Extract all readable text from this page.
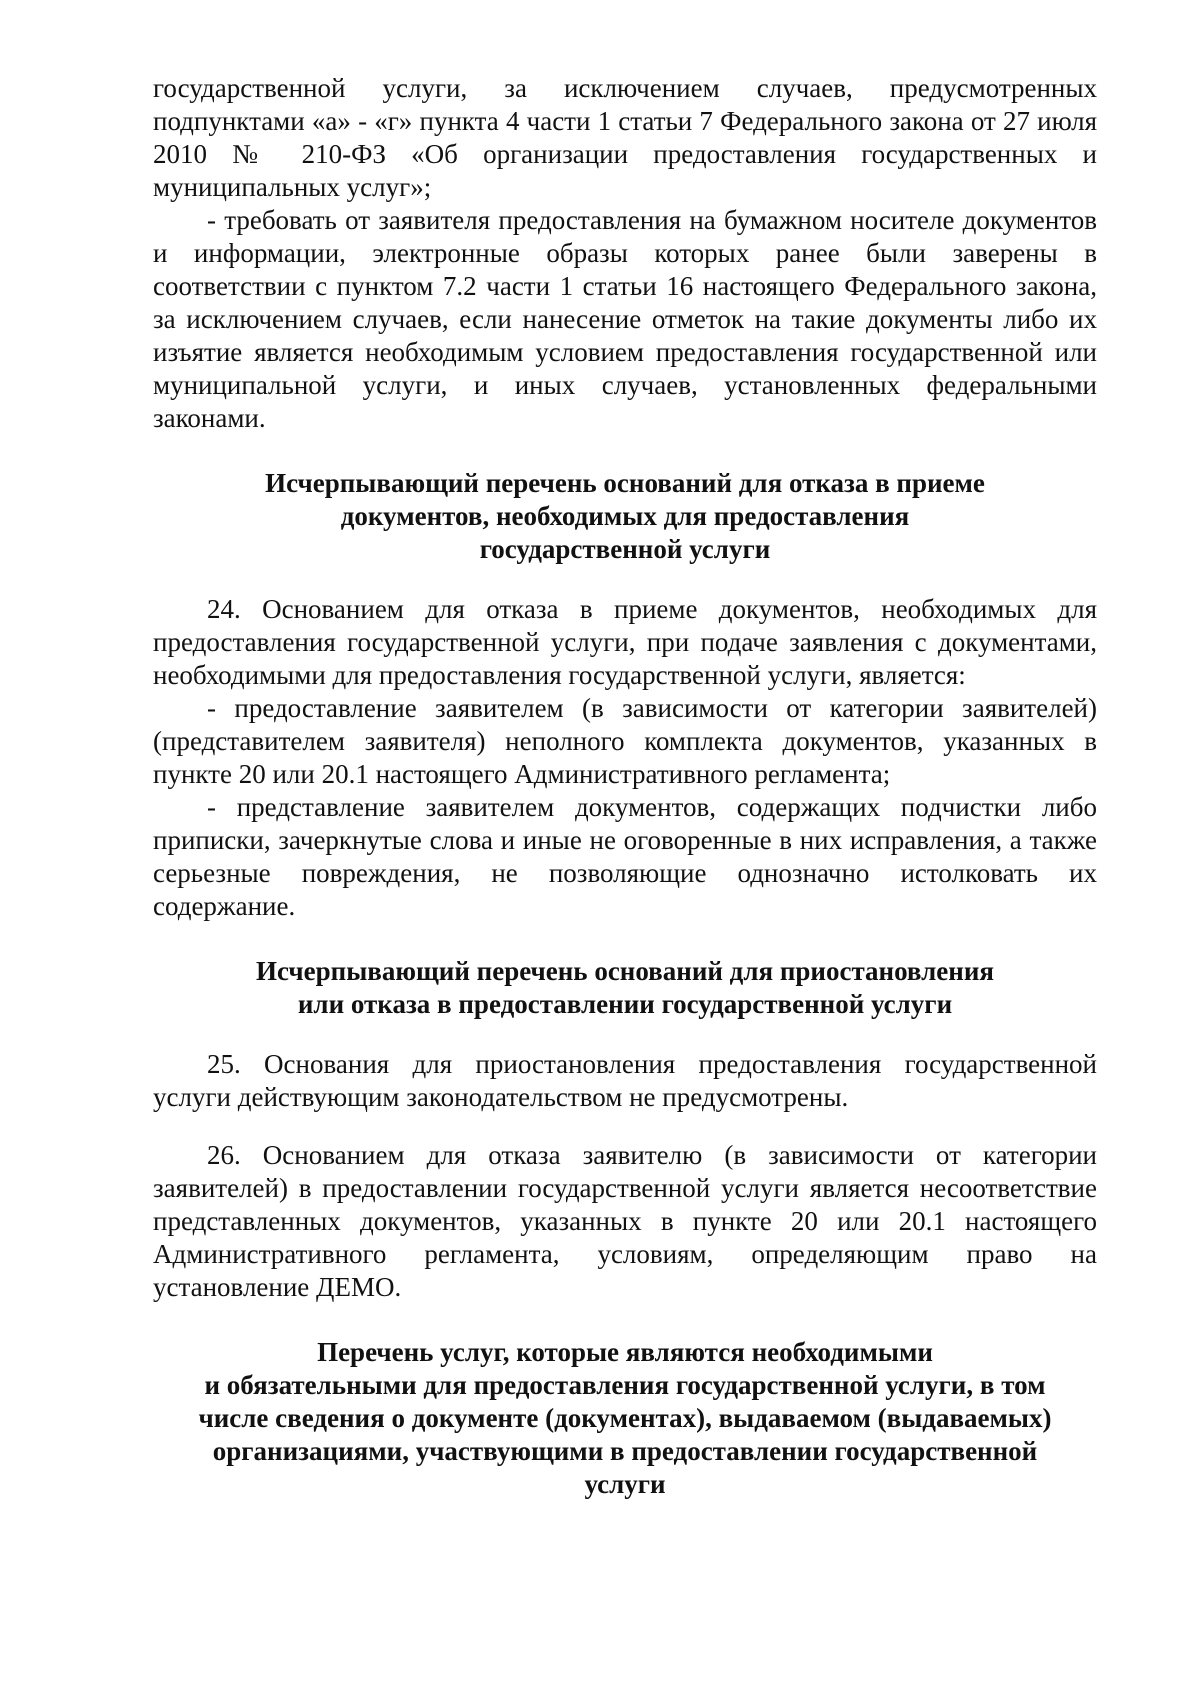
государственной услуги, за исключением случаев, предусмотренных подпунктами «а» - «г» пункта 4 части 1 статьи 7 Федерального закона от 27 июля 2010 № 210-ФЗ «Об организации предоставления государственных и муниципальных услуг»;

- требовать от заявителя предоставления на бумажном носителе документов и информации, электронные образы которых ранее были заверены в соответствии с пунктом 7.2 части 1 статьи 16 настоящего Федерального закона, за исключением случаев, если нанесение отметок на такие документы либо их изъятие является необходимым условием предоставления государственной или муниципальной услуги, и иных случаев, установленных федеральными законами.

Исчерпывающий перечень оснований для отказа в приеме
документов, необходимых для предоставления
государственной услуги

24. Основанием для отказа в приеме документов, необходимых для предоставления государственной услуги, при подаче заявления с документами, необходимыми для предоставления государственной услуги, является:

- предоставление заявителем (в зависимости от категории заявителей) (представителем заявителя) неполного комплекта документов, указанных в пункте 20 или 20.1 настоящего Административного регламента;

- представление заявителем документов, содержащих подчистки либо приписки, зачеркнутые слова и иные не оговоренные в них исправления, а также серьезные повреждения, не позволяющие однозначно истолковать их содержание.

Исчерпывающий перечень оснований для приостановления
или отказа в предоставлении государственной услуги

25. Основания для приостановления предоставления государственной услуги действующим законодательством не предусмотрены.

26. Основанием для отказа заявителю (в зависимости от категории заявителей) в предоставлении государственной услуги является несоответствие представленных документов, указанных в пункте 20 или 20.1 настоящего Административного регламента, условиям, определяющим право на установление ДЕМО.

Перечень услуг, которые являются необходимыми
и обязательными для предоставления государственной услуги, в том
числе сведения о документе (документах), выдаваемом (выдаваемых)
организациями, участвующими в предоставлении государственной
услуги
